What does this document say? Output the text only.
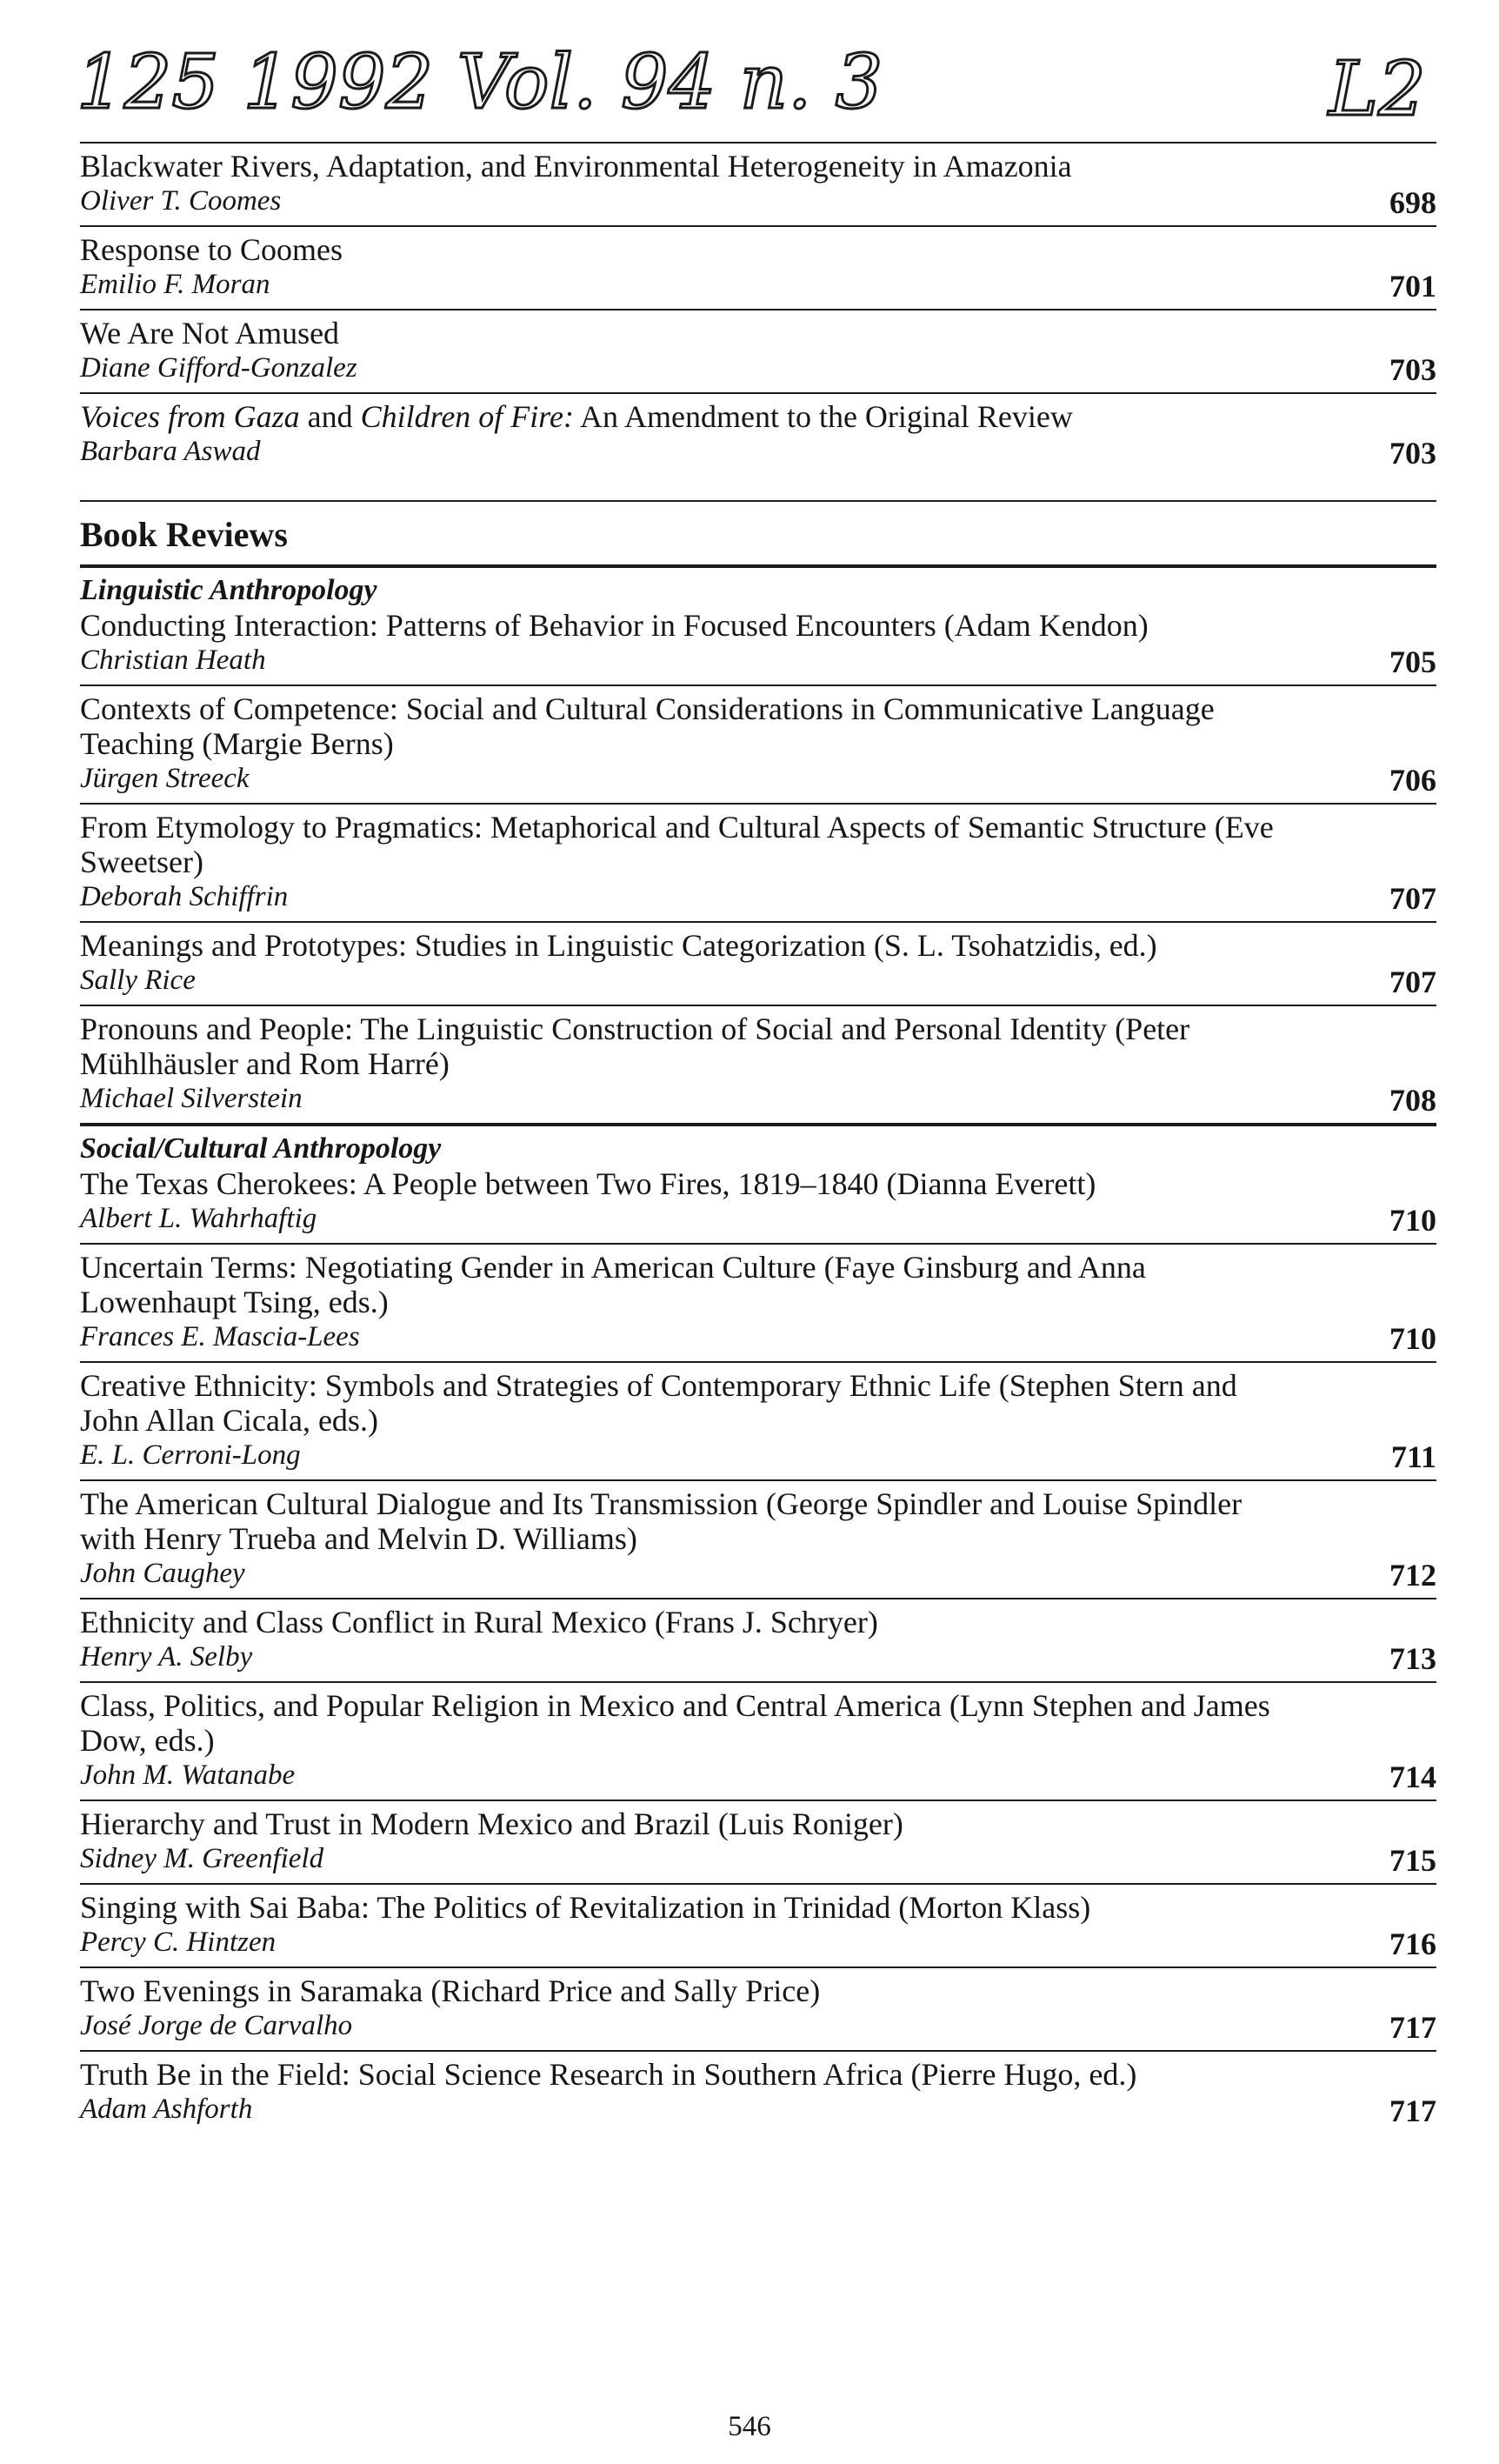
125 1992 Vol. 94 n. 3	L2
Blackwater Rivers, Adaptation, and Environmental Heterogeneity in Amazonia
Oliver T. Coomes	698
Response to Coomes
Emilio F. Moran	701
We Are Not Amused
Diane Gifford-Gonzalez	703
Voices from Gaza and Children of Fire: An Amendment to the Original Review
Barbara Aswad	703
Book Reviews
Linguistic Anthropology
Conducting Interaction: Patterns of Behavior in Focused Encounters (Adam Kendon)
Christian Heath	705
Contexts of Competence: Social and Cultural Considerations in Communicative Language Teaching (Margie Berns)
Jürgen Streeck	706
From Etymology to Pragmatics: Metaphorical and Cultural Aspects of Semantic Structure (Eve Sweetser)
Deborah Schiffrin	707
Meanings and Prototypes: Studies in Linguistic Categorization (S. L. Tsohatzidis, ed.)
Sally Rice	707
Pronouns and People: The Linguistic Construction of Social and Personal Identity (Peter Mühlhäusler and Rom Harré)
Michael Silverstein	708
Social/Cultural Anthropology
The Texas Cherokees: A People between Two Fires, 1819–1840 (Dianna Everett)
Albert L. Wahrhaftig	710
Uncertain Terms: Negotiating Gender in American Culture (Faye Ginsburg and Anna Lowenhaupt Tsing, eds.)
Frances E. Mascia-Lees	710
Creative Ethnicity: Symbols and Strategies of Contemporary Ethnic Life (Stephen Stern and John Allan Cicala, eds.)
E. L. Cerroni-Long	711
The American Cultural Dialogue and Its Transmission (George Spindler and Louise Spindler with Henry Trueba and Melvin D. Williams)
John Caughey	712
Ethnicity and Class Conflict in Rural Mexico (Frans J. Schryer)
Henry A. Selby	713
Class, Politics, and Popular Religion in Mexico and Central America (Lynn Stephen and James Dow, eds.)
John M. Watanabe	714
Hierarchy and Trust in Modern Mexico and Brazil (Luis Roniger)
Sidney M. Greenfield	715
Singing with Sai Baba: The Politics of Revitalization in Trinidad (Morton Klass)
Percy C. Hintzen	716
Two Evenings in Saramaka (Richard Price and Sally Price)
José Jorge de Carvalho	717
Truth Be in the Field: Social Science Research in Southern Africa (Pierre Hugo, ed.)
Adam Ashforth	717
546
